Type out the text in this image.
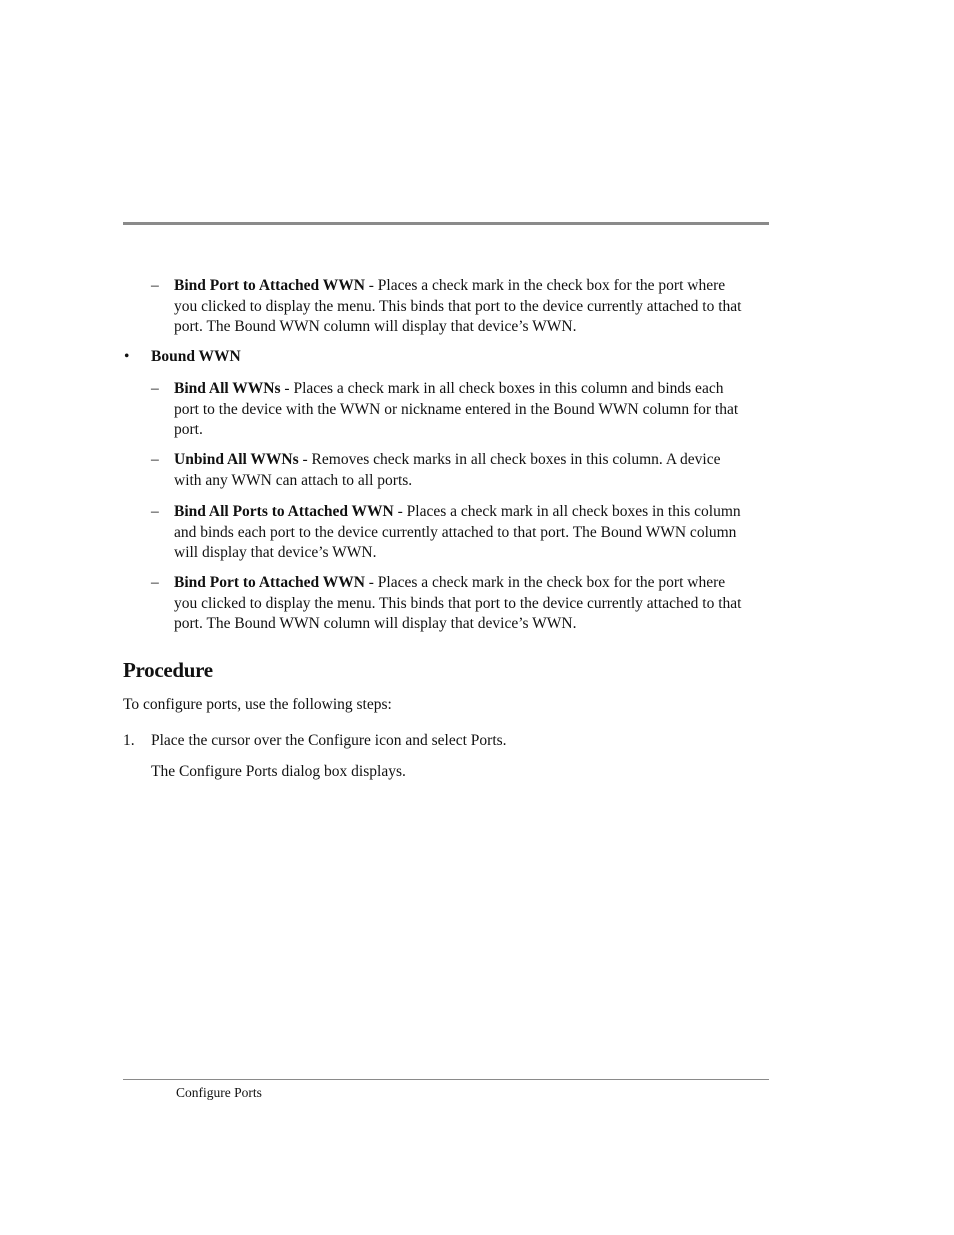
– Bind Port to Attached WWN - Places a check mark in the check box for the port where you clicked to display the menu. This binds that port to the device currently attached to that port. The Bound WWN column will display that device’s WWN.
• Bound WWN
– Bind All WWNs - Places a check mark in all check boxes in this column and binds each port to the device with the WWN or nickname entered in the Bound WWN column for that port.
– Unbind All WWNs - Removes check marks in all check boxes in this column. A device with any WWN can attach to all ports.
– Bind All Ports to Attached WWN - Places a check mark in all check boxes in this column and binds each port to the device currently attached to that port. The Bound WWN column will display that device’s WWN.
– Bind Port to Attached WWN - Places a check mark in the check box for the port where you clicked to display the menu. This binds that port to the device currently attached to that port. The Bound WWN column will display that device’s WWN.
Procedure
To configure ports, use the following steps:
1. Place the cursor over the Configure icon and select Ports.
The Configure Ports dialog box displays.
Configure Ports
